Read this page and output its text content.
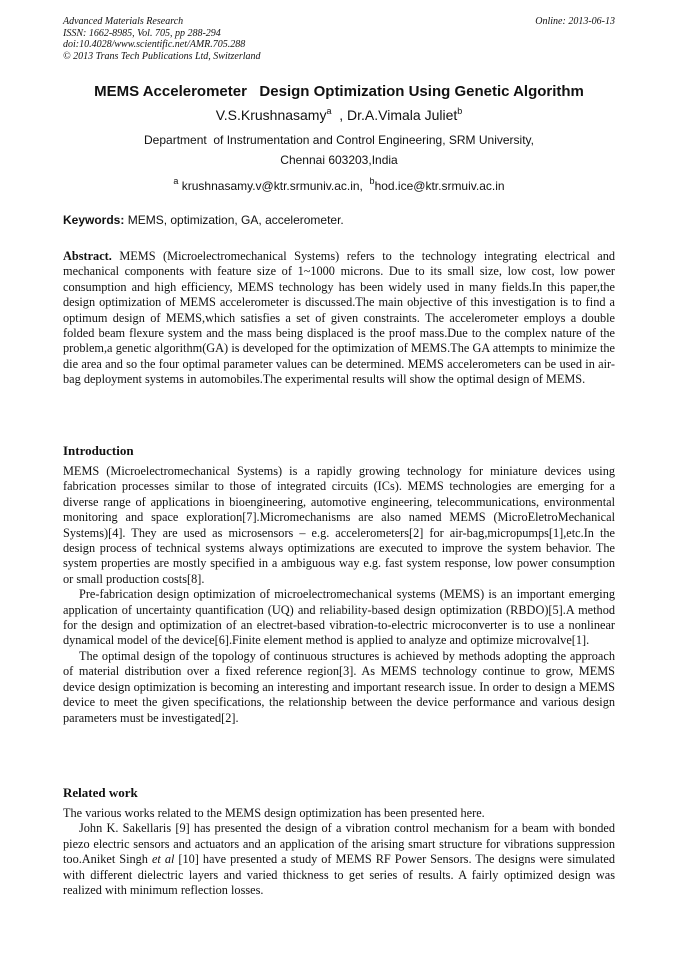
Advanced Materials Research
ISSN: 1662-8985, Vol. 705, pp 288-294
doi:10.4028/www.scientific.net/AMR.705.288
© 2013 Trans Tech Publications Ltd, Switzerland
Online: 2013-06-13
MEMS Accelerometer   Design Optimization Using Genetic Algorithm
V.S.Krushnasamy$^a$  , Dr.A.Vimala Juliet$^b$
Department  of Instrumentation and Control Engineering, SRM University,
Chennai 603203,India
$^a$ krushnasamy.v@ktr.srmuniv.ac.in,  $^b$hod.ice@ktr.srmuiv.ac.in
Keywords: MEMS, optimization, GA, accelerometer.
Abstract. MEMS (Microelectromechanical Systems) refers to the technology integrating electrical and mechanical components with feature size of 1~1000 microns. Due to its small size, low cost, low power consumption and high efficiency, MEMS technology has been widely used in many fields.In this paper,the design optimization of MEMS accelerometer is discussed.The main objective of this investigation is to find a optimum design of MEMS,which satisfies a set of given constraints. The accelerometer employs a double folded beam flexure system and the mass being displaced is the proof mass.Due to the complex nature of the problem,a genetic algorithm(GA) is developed for the optimization of MEMS.The GA attempts to minimize the die area and so the four optimal parameter values can be determined. MEMS accelerometers can be used in air-bag deployment systems in automobiles.The experimental results will show the optimal design of MEMS.
Introduction
MEMS (Microelectromechanical Systems) is a rapidly growing technology for miniature devices using fabrication processes similar to those of integrated circuits (ICs). MEMS technologies are emerging for a diverse range of applications in bioengineering, automotive engineering, telecommunications, environmental monitoring and space exploration[7].Micromechanisms are also named MEMS (MicroEletroMechanical Systems)[4]. They are used as microsensors – e.g. accelerometers[2] for air-bag,micropumps[1],etc.In the design process of technical systems always optimizations are executed to improve the system behavior. The system properties are mostly specified in a ambiguous way e.g. fast system response, low power consumption or small production costs[8].
Pre-fabrication design optimization of microelectromechanical systems (MEMS) is an important emerging application of uncertainty quantification (UQ) and reliability-based design optimization (RBDO)[5].A method for the design and optimization of an electret-based vibration-to-electric microconverter is to use a nonlinear dynamical model of the device[6].Finite element method is applied to analyze and optimize microvalve[1].
The optimal design of the topology of continuous structures is achieved by methods adopting the approach of material distribution over a fixed reference region[3]. As MEMS technology continue to grow, MEMS device design optimization is becoming an interesting and important research issue. In order to design a MEMS device to meet the given specifications, the relationship between the device performance and various design parameters must be investigated[2].
Related work
The various works related to the MEMS design optimization has been presented here.
John K. Sakellaris [9] has presented the design of a vibration control mechanism for a beam with bonded piezo electric sensors and actuators and an application of the arising smart structure for vibrations suppression too.Aniket Singh et al [10] have presented a study of MEMS RF Power Sensors. The designs were simulated with different dielectric layers and varied thickness to get series of results. A fairly optimized design was realized with minimum reflection losses.
